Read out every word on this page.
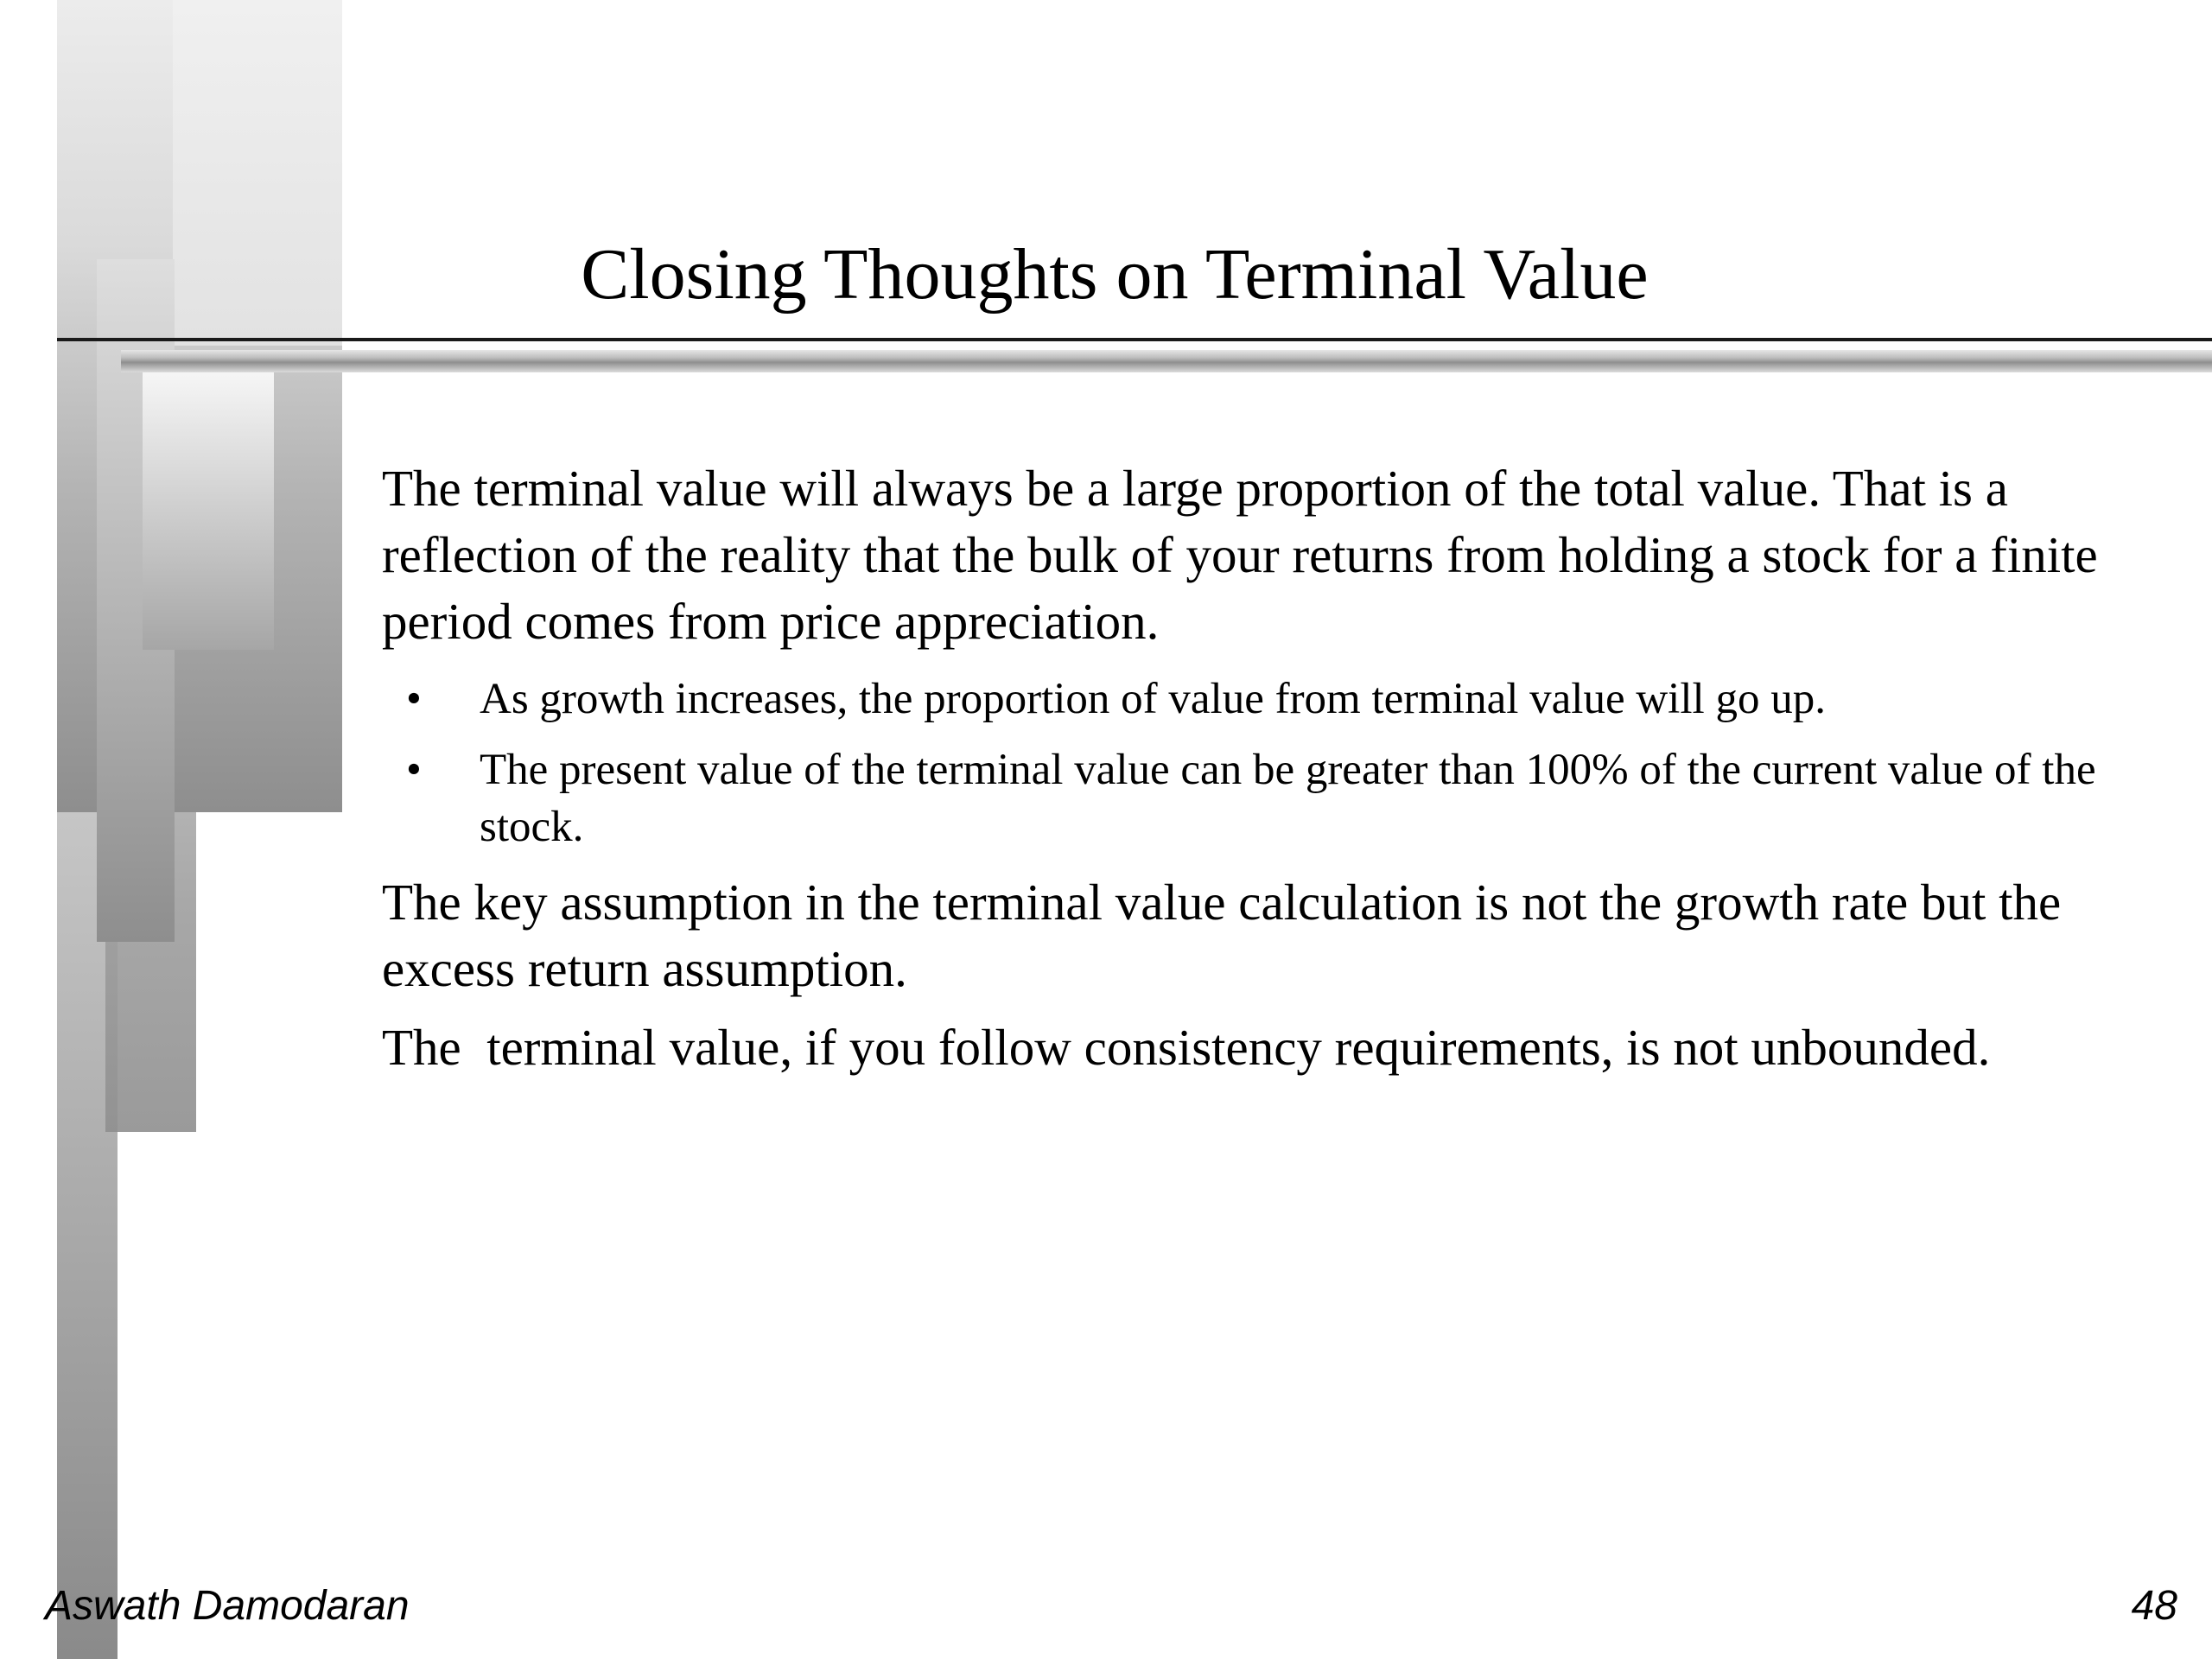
Closing Thoughts on Terminal Value

The terminal value will always be a large proportion of the total value. That is a reflection of the reality that the bulk of your returns from holding a stock for a finite period comes from price appreciation.

• As growth increases, the proportion of value from terminal value will go up.
• The present value of the terminal value can be greater than 100% of the current value of the stock.

The key assumption in the terminal value calculation is not the growth rate but the excess return assumption.

The  terminal value, if you follow consistency requirements, is not unbounded.

Aswath Damodaran	48
